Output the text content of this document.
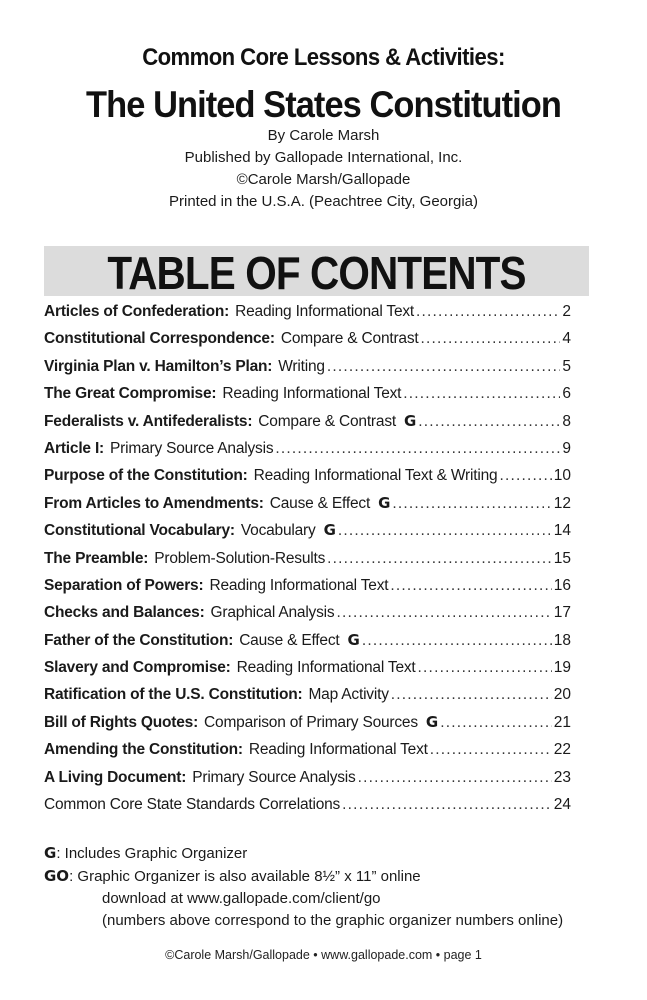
Common Core Lessons & Activities:
The United States Constitution
By Carole Marsh
Published by Gallopade International, Inc.
©Carole Marsh/Gallopade
Printed in the U.S.A. (Peachtree City, Georgia)
TABLE OF CONTENTS
Articles of Confederation: Reading Informational Text .....	2
Constitutional Correspondence: Compare & Contrast .....	4
Virginia Plan v. Hamilton’s Plan: Writing .....	5
The Great Compromise: Reading Informational Text .....	6
Federalists v. Antifederalists: Compare & Contrast G .....	8
Article I: Primary Source Analysis .....	9
Purpose of the Constitution: Reading Informational Text & Writing .....	10
From Articles to Amendments: Cause & Effect G .....	12
Constitutional Vocabulary: Vocabulary G .....	14
The Preamble: Problem-Solution-Results .....	15
Separation of Powers: Reading Informational Text .....	16
Checks and Balances: Graphical Analysis .....	17
Father of the Constitution: Cause & Effect G .....	18
Slavery and Compromise: Reading Informational Text .....	19
Ratification of the U.S. Constitution: Map Activity .....	20
Bill of Rights Quotes: Comparison of Primary Sources G .....	21
Amending the Constitution: Reading Informational Text .....	22
A Living Document: Primary Source Analysis .....	23
Common Core State Standards Correlations .....	24
G: Includes Graphic Organizer
GO: Graphic Organizer is also available 8½” x 11” online
download at www.gallopade.com/client/go
(numbers above correspond to the graphic organizer numbers online)
©Carole Marsh/Gallopade • www.gallopade.com • page 1
